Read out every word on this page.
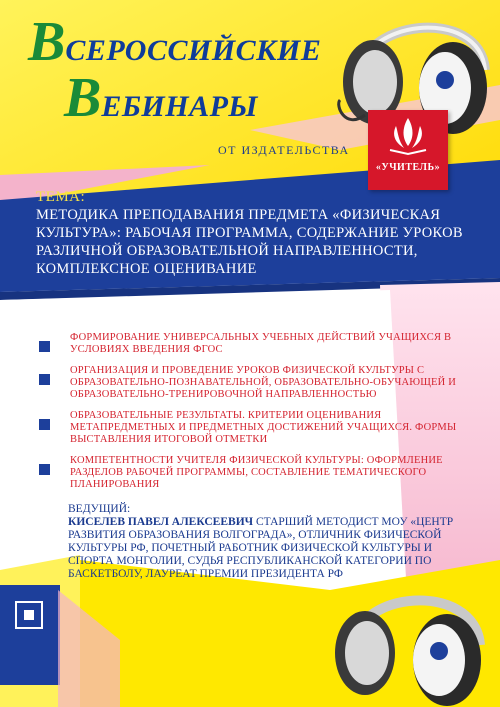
ВСЕРОССИЙСКИЕ
ВЕБИНАРЫ
ОТ ИЗДАТЕЛЬСТВА
«УЧИТЕЛЬ»
ТЕМА:
МЕТОДИКА ПРЕПОДАВАНИЯ ПРЕДМЕТА «ФИЗИЧЕСКАЯ КУЛЬТУРА»: РАБОЧАЯ ПРОГРАММА, СОДЕРЖАНИЕ УРОКОВ РАЗЛИЧНОЙ ОБРАЗОВАТЕЛЬНОЙ НАПРАВЛЕННОСТИ, КОМПЛЕКСНОЕ ОЦЕНИВАНИЕ
ФОРМИРОВАНИЕ УНИВЕРСАЛЬНЫХ УЧЕБНЫХ ДЕЙСТВИЙ УЧАЩИХСЯ В УСЛОВИЯХ ВВЕДЕНИЯ ФГОС
ОРГАНИЗАЦИЯ И ПРОВЕДЕНИЕ УРОКОВ ФИЗИЧЕСКОЙ КУЛЬТУРЫ С ОБРАЗОВАТЕЛЬНО-ПОЗНАВАТЕЛЬНОЙ, ОБРАЗОВАТЕЛЬНО-ОБУЧАЮЩЕЙ И ОБРАЗОВАТЕЛЬНО-ТРЕНИРОВОЧНОЙ НАПРАВЛЕННОСТЬЮ
ОБРАЗОВАТЕЛЬНЫЕ РЕЗУЛЬТАТЫ. КРИТЕРИИ ОЦЕНИВАНИЯ МЕТАПРЕДМЕТНЫХ И ПРЕДМЕТНЫХ ДОСТИЖЕНИЙ УЧАЩИХСЯ. ФОРМЫ ВЫСТАВЛЕНИЯ ИТОГОВОЙ ОТМЕТКИ
КОМПЕТЕНТНОСТИ УЧИТЕЛЯ ФИЗИЧЕСКОЙ КУЛЬТУРЫ: ОФОРМЛЕНИЕ РАЗДЕЛОВ РАБОЧЕЙ ПРОГРАММЫ, СОСТАВЛЕНИЕ ТЕМАТИЧЕСКОГО ПЛАНИРОВАНИЯ
ВЕДУЩИЙ:
КИСЕЛЕВ ПАВЕЛ АЛЕКСЕЕВИЧ СТАРШИЙ МЕТОДИСТ МОУ «ЦЕНТР РАЗВИТИЯ ОБРАЗОВАНИЯ ВОЛГОГРАДА», ОТЛИЧНИК ФИЗИЧЕСКОЙ КУЛЬТУРЫ РФ, ПОЧЕТНЫЙ РАБОТНИК ФИЗИЧЕСКОЙ КУЛЬТУРЫ И СПОРТА МОНГОЛИИ, СУДЬЯ РЕСПУБЛИКАНСКОЙ КАТЕГОРИИ ПО БАСКЕТБОЛУ, ЛАУРЕАТ ПРЕМИИ ПРЕЗИДЕНТА РФ
